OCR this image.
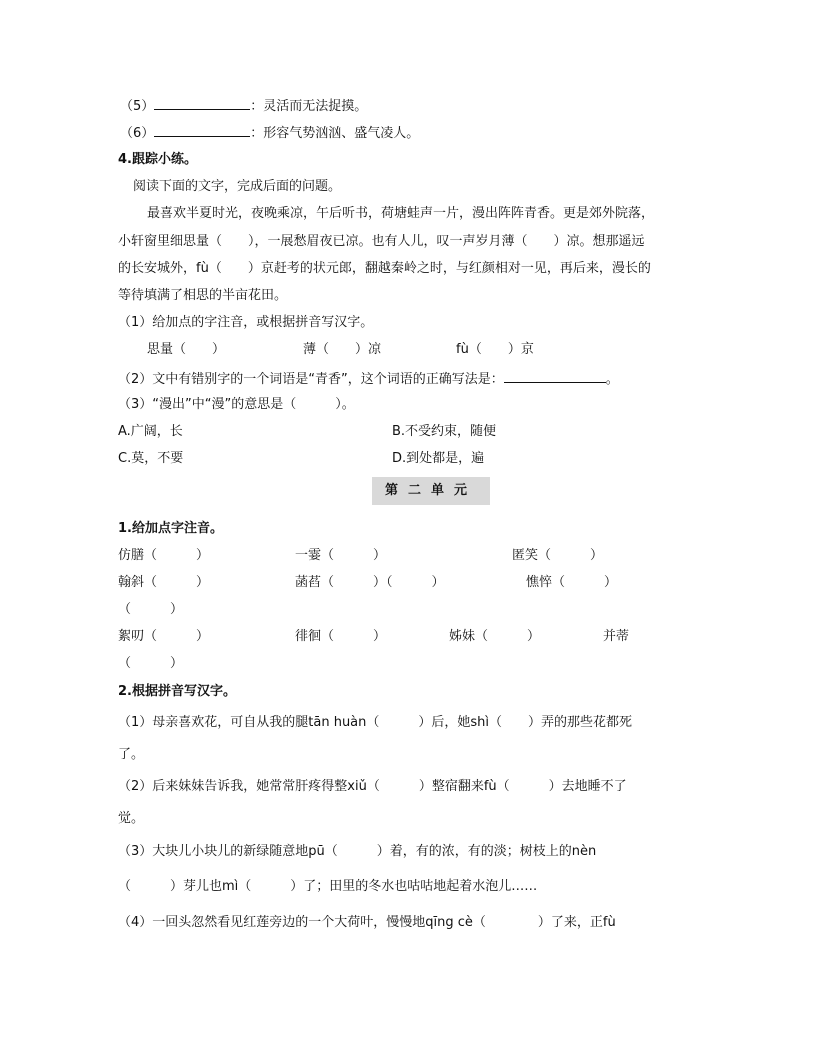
（5）	：灵活而无法捉摸。
（6）	：形容气势汹汹、盛气凌人。
4.跟踪小练。
阅读下面的文字，完成后面的问题。
最喜欢半夏时光，夜晚乘凉，午后听书，荷塘蛙声一片，漫出阵阵青香。更是郊外院落，
小轩窗里细思量（　　），一展愁眉夜已凉。也有人儿，叹一声岁月薄（　　）凉。想那遥远
的长安城外，fù（　　）京赶考的状元郎，翻越秦岭之时，与红颜相对一见，再后来，漫长的
等待填满了相思的半亩花田。
（1）给加点的字注音，或根据拼音写汉字。
思量（　　）	薄（　　）凉	fù（　　）京
（2）文中有错别字的一个词语是“青香”，这个词语的正确写法是：	。
（3）“漫出”中“漫”的意思是（　　　）。
A.广阔，长	B.不受约束，随便
C.莫，不要	D.到处都是，遍
第二单元
1.给加点字注音。
仿膳（　　　）	一霎（　　　）	匿笑（　　　）
翰斜（　　　）	菡萏（　　　）（　　　）	憔悴（　　　）
（　　　）
絮叨（　　　）	徘徊（　　　）	姊妹（　　　）	并蒂
（　　　）
2.根据拼音写汉字。
（1）母亲喜欢花，可自从我的腿tān huàn（　　　）后，她shì（　　）弄的那些花都死
了。
（2）后来妹妹告诉我，她常常肝疼得整xiǔ（　　　）整宿翻来fù（　　　）去地睡不了
觉。
（3）大块儿小块儿的新绿随意地pū（　　　）着，有的浓，有的淡；树枝上的nèn
（　　　）芽儿也mì（　　　）了；田里的冬水也咕咕地起着水泡儿……
（4）一回头忽然看见红莲旁边的一个大荷叶，慢慢地qīng cè（　　　　）了来，正fù
